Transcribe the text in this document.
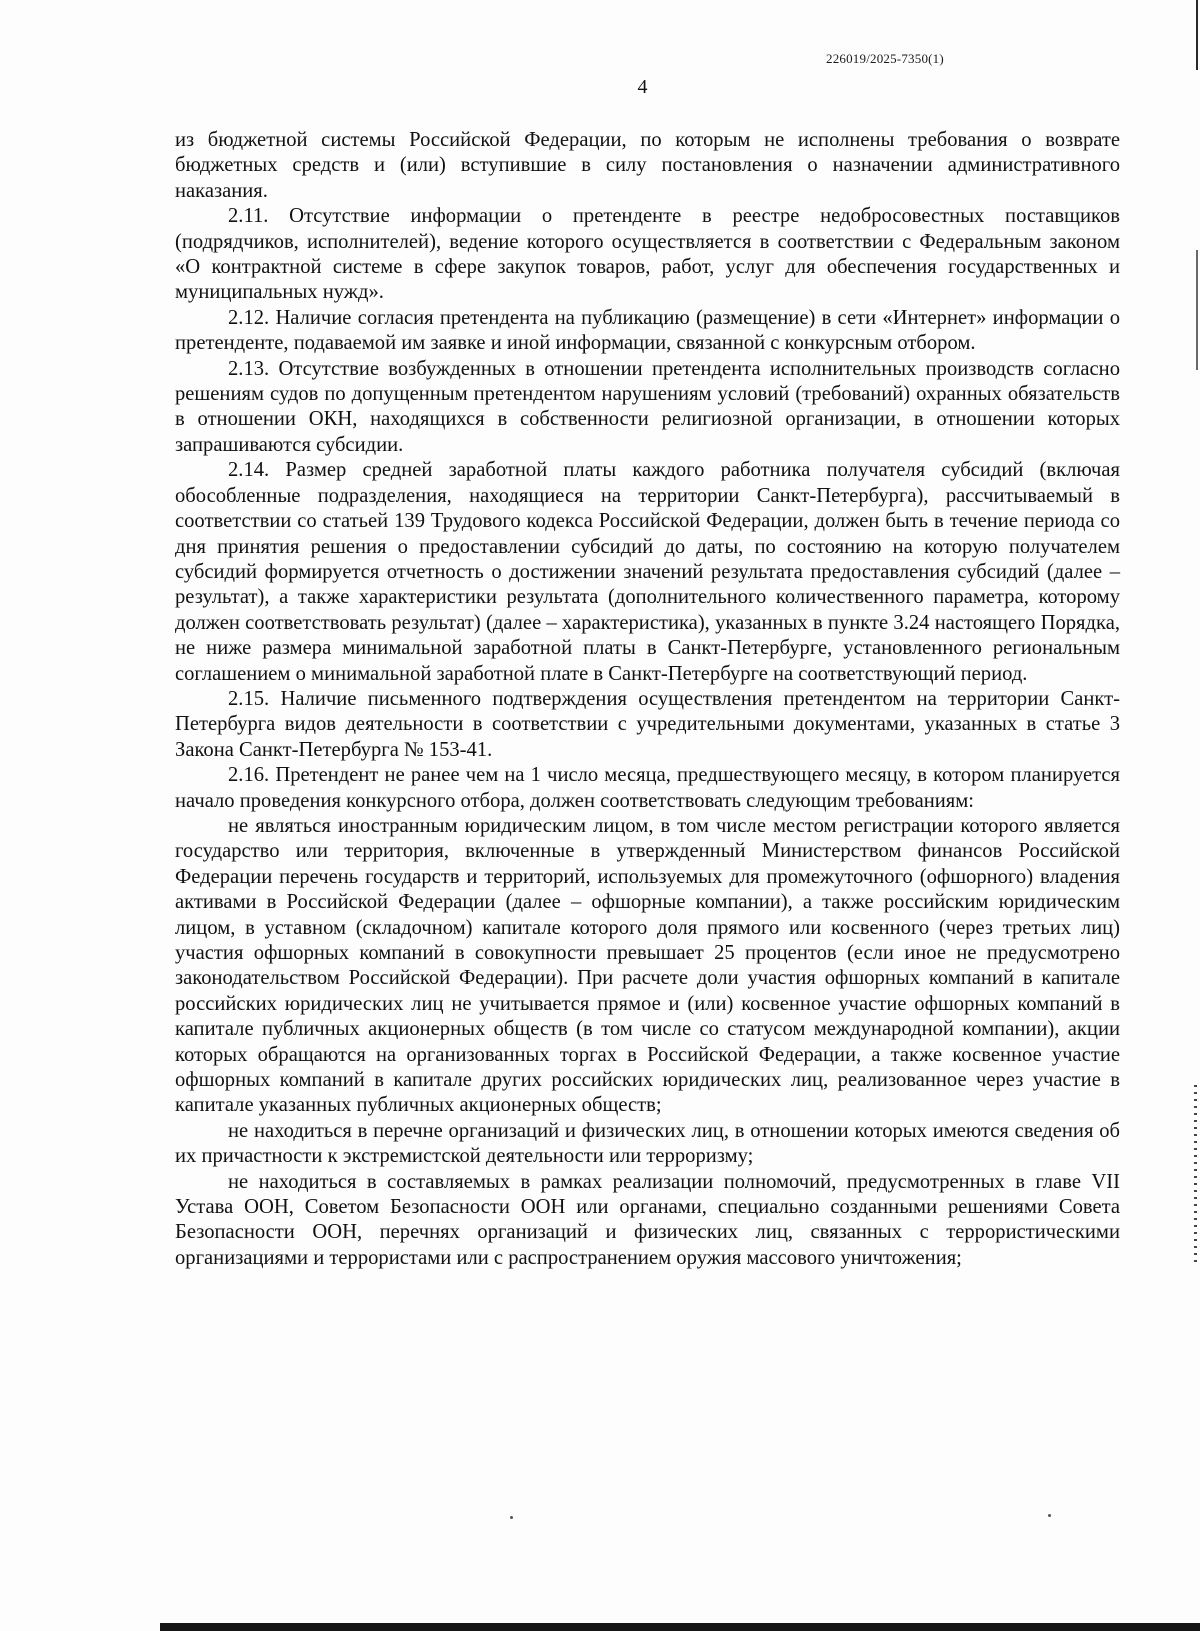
226019/2025-7350(1)
4

из бюджетной системы Российской Федерации, по которым не исполнены требования о возврате бюджетных средств и (или) вступившие в силу постановления о назначении административного наказания.

2.11. Отсутствие информации о претенденте в реестре недобросовестных поставщиков (подрядчиков, исполнителей), ведение которого осуществляется в соответствии с Федеральным законом «О контрактной системе в сфере закупок товаров, работ, услуг для обеспечения государственных и муниципальных нужд».

2.12. Наличие согласия претендента на публикацию (размещение) в сети «Интернет» информации о претенденте, подаваемой им заявке и иной информации, связанной с конкурсным отбором.

2.13. Отсутствие возбужденных в отношении претендента исполнительных производств согласно решениям судов по допущенным претендентом нарушениям условий (требований) охранных обязательств в отношении ОКН, находящихся в собственности религиозной организации, в отношении которых запрашиваются субсидии.

2.14. Размер средней заработной платы каждого работника получателя субсидий (включая обособленные подразделения, находящиеся на территории Санкт-Петербурга), рассчитываемый в соответствии со статьей 139 Трудового кодекса Российской Федерации, должен быть в течение периода со дня принятия решения о предоставлении субсидий до даты, по состоянию на которую получателем субсидий формируется отчетность о достижении значений результата предоставления субсидий (далее – результат), а также характеристики результата (дополнительного количественного параметра, которому должен соответствовать результат) (далее – характеристика), указанных в пункте 3.24 настоящего Порядка, не ниже размера минимальной заработной платы в Санкт-Петербурге, установленного региональным соглашением о минимальной заработной плате в Санкт-Петербурге на соответствующий период.

2.15. Наличие письменного подтверждения осуществления претендентом на территории Санкт-Петербурга видов деятельности в соответствии с учредительными документами, указанных в статье 3 Закона Санкт-Петербурга № 153-41.

2.16. Претендент не ранее чем на 1 число месяца, предшествующего месяцу, в котором планируется начало проведения конкурсного отбора, должен соответствовать следующим требованиям:

не являться иностранным юридическим лицом, в том числе местом регистрации которого является государство или территория, включенные в утвержденный Министерством финансов Российской Федерации перечень государств и территорий, используемых для промежуточного (офшорного) владения активами в Российской Федерации (далее – офшорные компании), а также российским юридическим лицом, в уставном (складочном) капитале которого доля прямого или косвенного (через третьих лиц) участия офшорных компаний в совокупности превышает 25 процентов (если иное не предусмотрено законодательством Российской Федерации). При расчете доли участия офшорных компаний в капитале российских юридических лиц не учитывается прямое и (или) косвенное участие офшорных компаний в капитале публичных акционерных обществ (в том числе со статусом международной компании), акции которых обращаются на организованных торгах в Российской Федерации, а также косвенное участие офшорных компаний в капитале других российских юридических лиц, реализованное через участие в капитале указанных публичных акционерных обществ;

не находиться в перечне организаций и физических лиц, в отношении которых имеются сведения об их причастности к экстремистской деятельности или терроризму;

не находиться в составляемых в рамках реализации полномочий, предусмотренных в главе VII Устава ООН, Советом Безопасности ООН или органами, специально созданными решениями Совета Безопасности ООН, перечнях организаций и физических лиц, связанных с террористическими организациями и террористами или с распространением оружия массового уничтожения;
